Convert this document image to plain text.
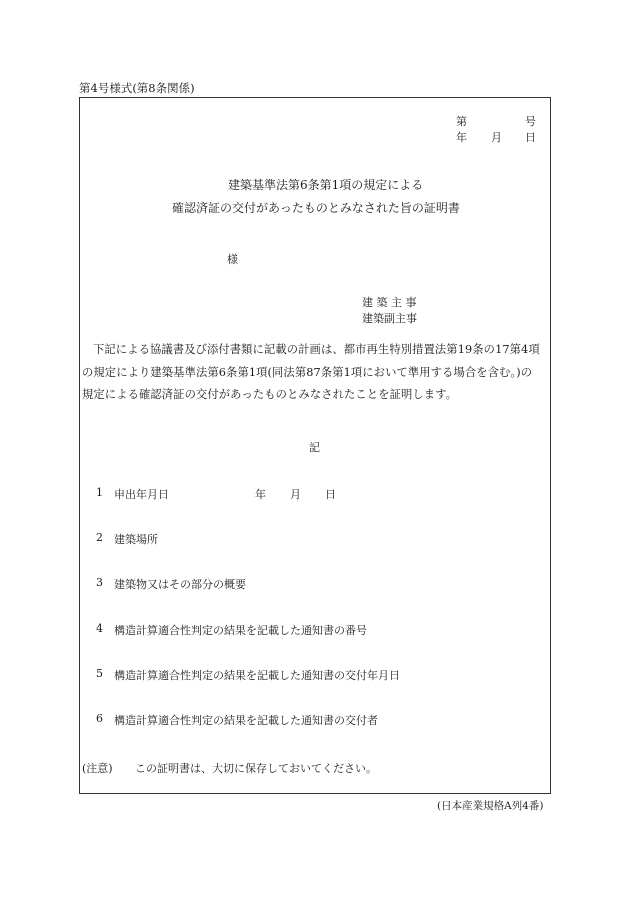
第4号様式(第8条関係)
第	号
年 月 日
建築基準法第6条第1項の規定による
確認済証の交付があったものとみなされた旨の証明書
様
建 築 主 事
建築副主事
下記による協議書及び添付書類に記載の計画は、都市再生特別措置法第19条の17第4項
の規定により建築基準法第6条第1項(同法第87条第1項において準用する場合を含む。)の
規定による確認済証の交付があったものとみなされたことを証明します。
記
1 申出年月日	年 月 日
2 建築場所
3 建築物又はその部分の概要
4 構造計算適合性判定の結果を記載した通知書の番号
5 構造計算適合性判定の結果を記載した通知書の交付年月日
6 構造計算適合性判定の結果を記載した通知書の交付者
(注意) この証明書は、大切に保存しておいてください。
(日本産業規格A列4番)
